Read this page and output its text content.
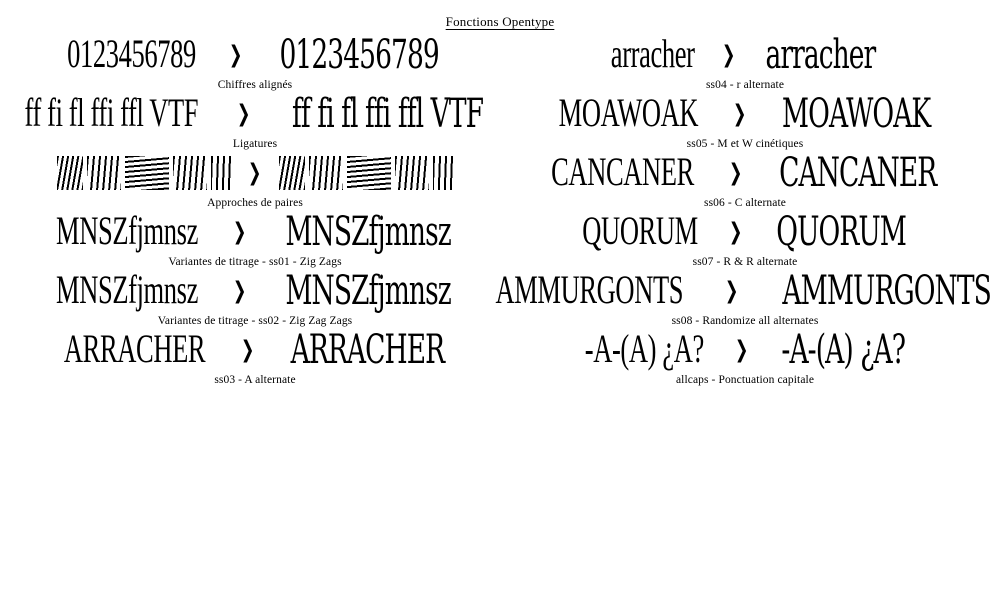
Fonctions Opentype
0123456789 ❯ 0123456789
Chiffres alignés
ff fi fl ffi ffl VTF ❯ ff fi fl ffi ffl VTF
Ligatures
❯
Approches de paires
MNSZfjmnsz ❯ MNSZfjmnsz
Variantes de titrage - ss01 - Zig Zags
MNSZfjmnsz ❯ MNSZfjmnsz
Variantes de titrage - ss02 - Zig Zag Zags
ARRACHER ❯ ARRACHER
ss03 - A alternate
arracher ❯ arracher
ss04 - r alternate
MOAWOAK ❯ MOAWOAK
ss05 - M et W cinétiques
CANCANER ❯ CANCANER
ss06 - C alternate
QUORUM ❯ QUORUM
ss07 - R & R alternate
AMMURGONTS ❯ AMMURGONTS
ss08 - Randomize all alternates
-A-(A) ¿A? ❯ -A-(A) ¿A?
allcaps - Ponctuation capitale
